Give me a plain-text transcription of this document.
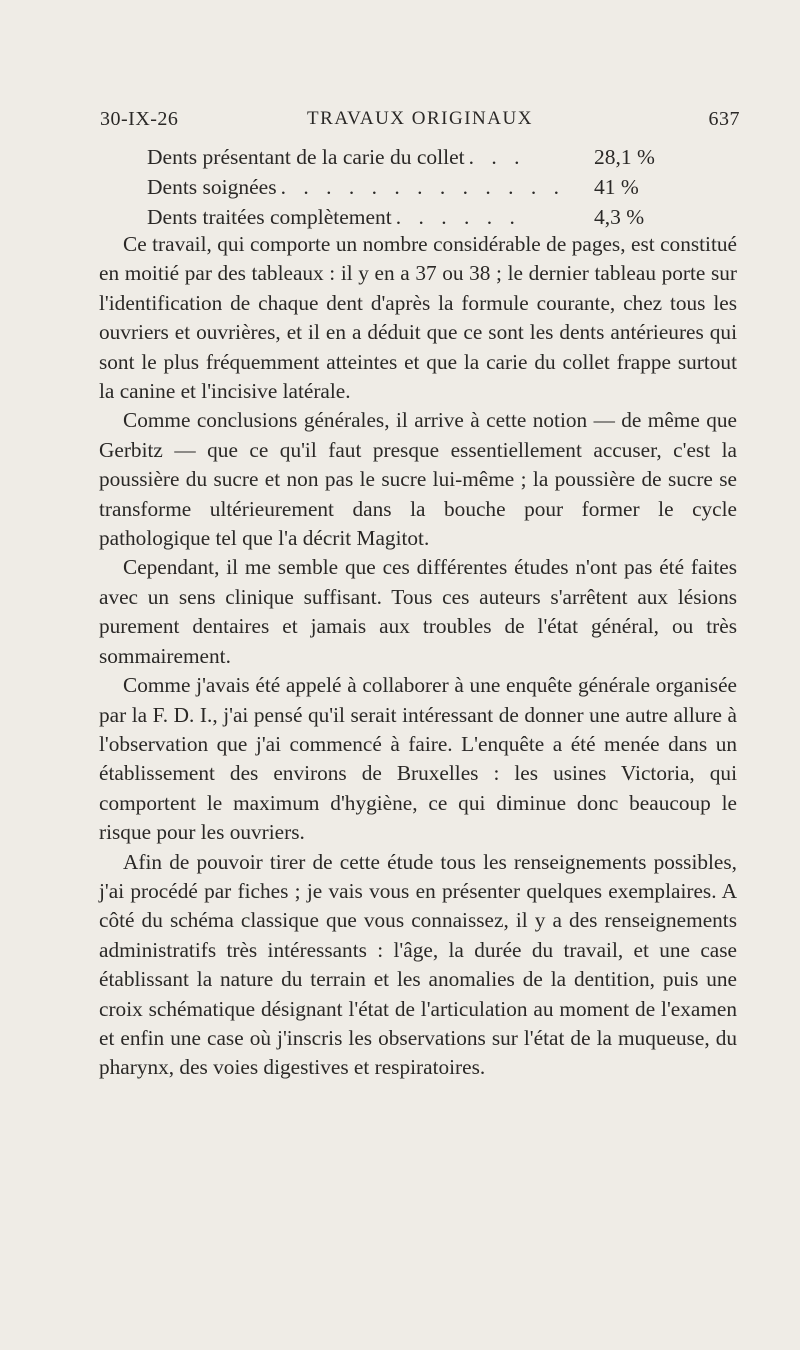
30-IX-26	TRAVAUX ORIGINAUX	637
Dents présentant de la carie du collet . . .	28,1 %
Dents soignées . . . . . . . . . . . . .	41 %
Dents traitées complètement . . . . . .	4,3 %

Ce travail, qui comporte un nombre considérable de pages, est constitué en moitié par des tableaux : il y en a 37 ou 38 ; le dernier tableau porte sur l'identification de chaque dent d'après la formule courante, chez tous les ouvriers et ouvrières, et il en a déduit que ce sont les dents antérieures qui sont le plus fréquemment atteintes et que la carie du collet frappe surtout la canine et l'incisive latérale.

Comme conclusions générales, il arrive à cette notion — de même que Gerbitz — que ce qu'il faut presque essentiellement accuser, c'est la poussière du sucre et non pas le sucre lui-même ; la poussière de sucre se transforme ultérieurement dans la bouche pour former le cycle pathologique tel que l'a décrit Magitot.

Cependant, il me semble que ces différentes études n'ont pas été faites avec un sens clinique suffisant. Tous ces auteurs s'arrêtent aux lésions purement dentaires et jamais aux troubles de l'état général, ou très sommairement.

Comme j'avais été appelé à collaborer à une enquête générale organisée par la F. D. I., j'ai pensé qu'il serait intéressant de donner une autre allure à l'observation que j'ai commencé à faire. L'enquête a été menée dans un établissement des environs de Bruxelles : les usines Victoria, qui comportent le maximum d'hygiène, ce qui diminue donc beaucoup le risque pour les ouvriers.

Afin de pouvoir tirer de cette étude tous les renseignements possibles, j'ai procédé par fiches ; je vais vous en présenter quelques exemplaires. A côté du schéma classique que vous connaissez, il y a des renseignements administratifs très intéressants : l'âge, la durée du travail, et une case établissant la nature du terrain et les anomalies de la dentition, puis une croix schématique désignant l'état de l'articulation au moment de l'examen et enfin une case où j'inscris les observations sur l'état de la muqueuse, du pharynx, des voies digestives et respiratoires.
